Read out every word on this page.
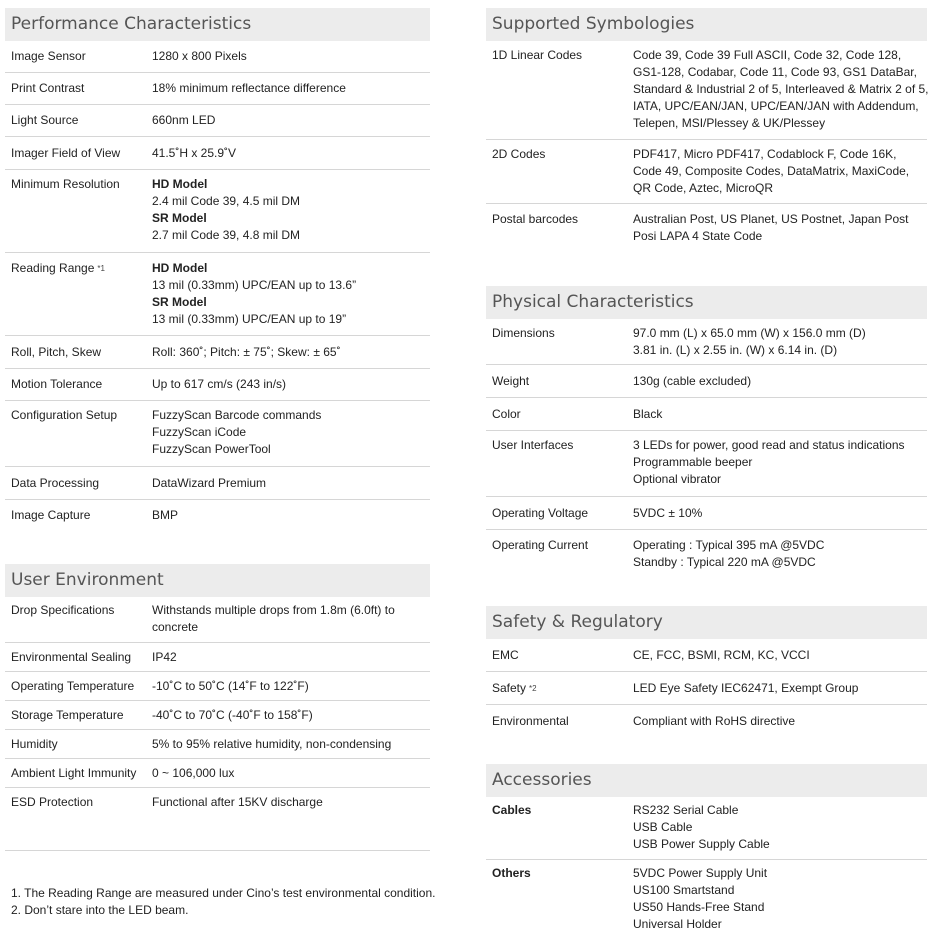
Performance Characteristics
Image Sensor	1280 x 800 Pixels
Print Contrast	18% minimum reflectance difference
Light Source	660nm LED
Imager Field of View	41.5˚H x 25.9˚V
Minimum Resolution	HD Model
2.4 mil Code 39, 4.5 mil DM
SR Model
2.7 mil Code 39, 4.8 mil DM
Reading Range $^{*1}$	HD Model
13 mil (0.33mm) UPC/EAN up to 13.6”
SR Model
13 mil (0.33mm) UPC/EAN up to 19”
Roll, Pitch, Skew	Roll: 360˚; Pitch: ± 75˚; Skew: ± 65˚
Motion Tolerance	Up to 617 cm/s (243 in/s)
Configuration Setup	FuzzyScan Barcode commands
FuzzyScan iCode
FuzzyScan PowerTool
Data Processing	DataWizard Premium
Image Capture	BMP
User Environment
Drop Specifications	Withstands multiple drops from 1.8m (6.0ft) to
concrete
Environmental Sealing	IP42
Operating Temperature	-10˚C to 50˚C (14˚F to 122˚F)
Storage Temperature	-40˚C to 70˚C (-40˚F to 158˚F)
Humidity	5% to 95% relative humidity, non-condensing
Ambient Light Immunity	0 ~ 106,000 lux
ESD Protection	Functional after 15KV discharge
1. The Reading Range are measured under Cino’s test environmental condition.
2. Don’t stare into the LED beam.
Supported Symbologies
1D Linear Codes	Code 39, Code 39 Full ASCII, Code 32, Code 128,
GS1-128, Codabar, Code 11, Code 93, GS1 DataBar,
Standard & Industrial 2 of 5, Interleaved & Matrix 2 of 5,
IATA, UPC/EAN/JAN, UPC/EAN/JAN with Addendum,
Telepen, MSI/Plessey & UK/Plessey
2D Codes	PDF417, Micro PDF417, Codablock F, Code 16K,
Code 49, Composite Codes, DataMatrix, MaxiCode,
QR Code, Aztec, MicroQR
Postal barcodes	Australian Post, US Planet, US Postnet, Japan Post
Posi LAPA 4 State Code
Physical Characteristics
Dimensions	97.0 mm (L) x 65.0 mm (W) x 156.0 mm (D)
3.81 in. (L) x 2.55 in. (W) x 6.14 in. (D)
Weight	130g (cable excluded)
Color	Black
User Interfaces	3 LEDs for power, good read and status indications
Programmable beeper
Optional vibrator
Operating Voltage	5VDC ± 10%
Operating Current	Operating : Typical 395 mA @5VDC
Standby : Typical 220 mA @5VDC
Safety & Regulatory
EMC	CE, FCC, BSMI, RCM, KC, VCCI
Safety $^{*2}$	LED Eye Safety IEC62471, Exempt Group
Environmental	Compliant with RoHS directive
Accessories
Cables	RS232 Serial Cable
USB Cable
USB Power Supply Cable
Others	5VDC Power Supply Unit
US100 Smartstand
US50 Hands-Free Stand
Universal Holder
